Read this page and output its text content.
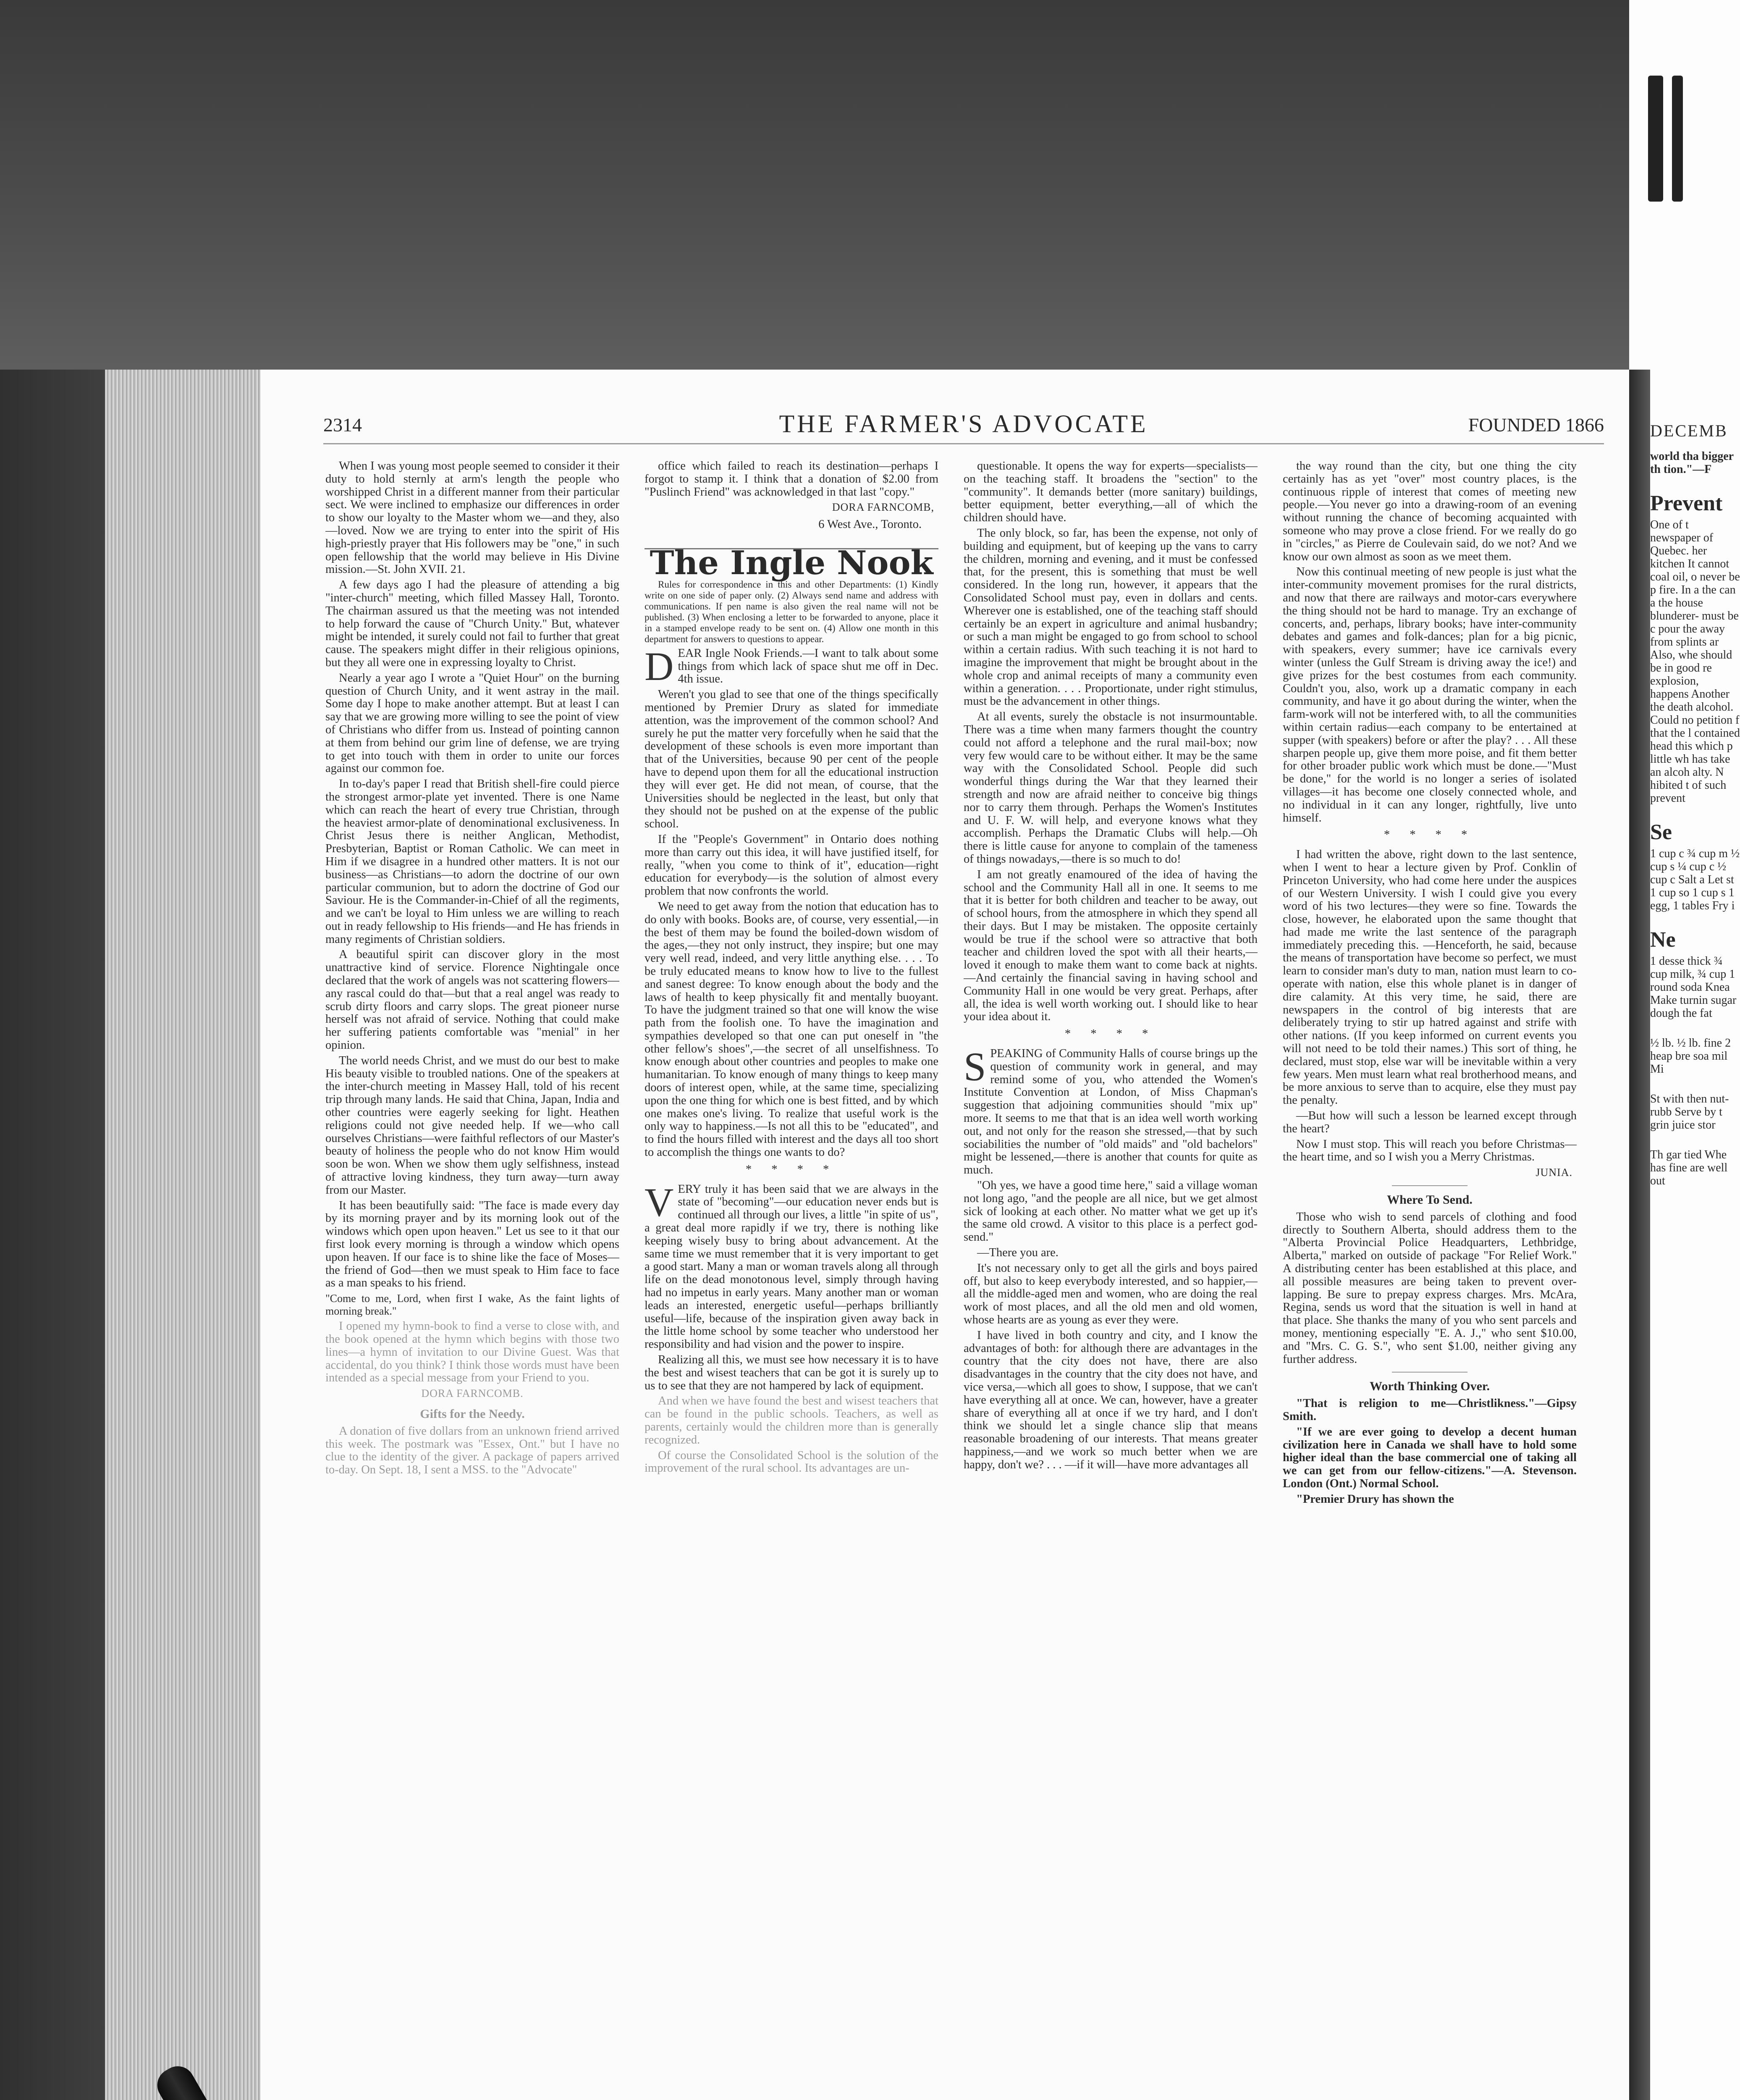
DECEMB
world tha bigger th tion."—F
Prevent
One of t newspaper of Quebec. her kitchen It cannot coal oil, o never be p fire. In a the can a the house blunderer- must be c pour the away from splints ar Also, whe should be in good re explosion, happens Another the death alcohol. Could no petition f that the l contained head this which p little wh has take an alcoh alty. N hibited t of such prevent
Se
1 cup c ¾ cup m ½ cup s ¼ cup c ½ cup c Salt a Let st 1 cup so 1 cup s 1 egg, 1 tables Fry i
Ne
1 desse thick ¾ cup milk, ¾ cup 1 round soda Knea Make turnin sugar dough the fat
½ lb. ½ lb. fine 2 heap bre soa mil Mi
St with then nut- rubb Serve by t grin juice stor
Th gar tied Whe has fine are well out
2314	THE FARMER'S ADVOCATE	FOUNDED 1866

When I was young most people seemed to consider it their duty to hold sternly at arm's length the people who worshipped Christ in a different manner from their particular sect. We were inclined to emphasize our differences in order to show our loyalty to the Master whom we—and they, also—loved. Now we are trying to enter into the spirit of His high-priestly prayer that His followers may be "one," in such open fellowship that the world may believe in His Divine mission.—St. John XVII. 21.

A few days ago I had the pleasure of attending a big "inter-church" meeting, which filled Massey Hall, Toronto. The chairman assured us that the meeting was not intended to help forward the cause of "Church Unity." But, whatever might be intended, it surely could not fail to further that great cause. The speakers might differ in their religious opinions, but they all were one in expressing loyalty to Christ.

Nearly a year ago I wrote a "Quiet Hour" on the burning question of Church Unity, and it went astray in the mail. Some day I hope to make another attempt. But at least I can say that we are growing more willing to see the point of view of Christians who differ from us. Instead of pointing cannon at them from behind our grim line of defense, we are trying to get into touch with them in order to unite our forces against our common foe.

In to-day's paper I read that British shell-fire could pierce the strongest armor-plate yet invented. There is one Name which can reach the heart of every true Christian, through the heaviest armor-plate of denominational exclusiveness. In Christ Jesus there is neither Anglican, Methodist, Presbyterian, Baptist or Roman Catholic. We can meet in Him if we disagree in a hundred other matters. It is not our business—as Christians—to adorn the doctrine of our own particular communion, but to adorn the doctrine of God our Saviour. He is the Commander-in-Chief of all the regiments, and we can't be loyal to Him unless we are willing to reach out in ready fellowship to His friends—and He has friends in many regiments of Christian soldiers.

A beautiful spirit can discover glory in the most unattractive kind of service. Florence Nightingale once declared that the work of angels was not scattering flowers—any rascal could do that—but that a real angel was ready to scrub dirty floors and carry slops. The great pioneer nurse herself was not afraid of service. Nothing that could make her suffering patients comfortable was "menial" in her opinion.

The world needs Christ, and we must do our best to make His beauty visible to troubled nations. One of the speakers at the inter-church meeting in Massey Hall, told of his recent trip through many lands. He said that China, Japan, India and other countries were eagerly seeking for light. Heathen religions could not give needed help. If we—who call ourselves Christians—were faithful reflectors of our Master's beauty of holiness the people who do not know Him would soon be won. When we show them ugly selfishness, instead of attractive loving kindness, they turn away—turn away from our Master.

It has been beautifully said: "The face is made every day by its morning prayer and by its morning look out of the windows which open upon heaven." Let us see to it that our first look every morning is through a window which opens upon heaven. If our face is to shine like the face of Moses—the friend of God—then we must speak to Him face to face as a man speaks to his friend.

"Come to me, Lord, when first I wake, As the faint lights of morning break."

I opened my hymn-book to find a verse to close with, and the book opened at the hymn which begins with those two lines—a hymn of invitation to our Divine Guest. Was that accidental, do you think? I think those words must have been intended as a special message from your Friend to you.

DORA FARNCOMB.
Gifts for the Needy.

A donation of five dollars from an unknown friend arrived this week. The postmark was "Essex, Ont." but I have no clue to the identity of the giver. A package of papers arrived to-day. On Sept. 18, I sent a MSS. to the "Advocate"

office which failed to reach its destination—perhaps I forgot to stamp it. I think that a donation of $2.00 from "Puslinch Friend" was acknowledged in that last "copy."

DORA FARNCOMB,
6 West Ave., Toronto.
The Ingle Nook

Rules for correspondence in this and other Departments: (1) Kindly write on one side of paper only. (2) Always send name and address with communications. If pen name is also given the real name will not be published. (3) When enclosing a letter to be forwarded to anyone, place it in a stamped envelope ready to be sent on. (4) Allow one month in this department for answers to questions to appear.

DEAR Ingle Nook Friends.—I want to talk about some things from which lack of space shut me off in Dec. 4th issue.

Weren't you glad to see that one of the things specifically mentioned by Premier Drury as slated for immediate attention, was the improvement of the common school? And surely he put the matter very forcefully when he said that the development of these schools is even more important than that of the Universities, because 90 per cent of the people have to depend upon them for all the educational instruction they will ever get. He did not mean, of course, that the Universities should be neglected in the least, but only that they should not be pushed on at the expense of the public school.

If the "People's Government" in Ontario does nothing more than carry out this idea, it will have justified itself, for really, "when you come to think of it", education—right education for everybody—is the solution of almost every problem that now confronts the world.

We need to get away from the notion that education has to do only with books. Books are, of course, very essential,—in the best of them may be found the boiled-down wisdom of the ages,—they not only instruct, they inspire; but one may very well read, indeed, and very little anything else. . . . To be truly educated means to know how to live to the fullest and sanest degree: To know enough about the body and the laws of health to keep physically fit and mentally buoyant. To have the judgment trained so that one will know the wise path from the foolish one. To have the imagination and sympathies developed so that one can put oneself in "the other fellow's shoes",—the secret of all unselfishness. To know enough about other countries and peoples to make one humanitarian. To know enough of many things to keep many doors of interest open, while, at the same time, specializing upon the one thing for which one is best fitted, and by which one makes one's living. To realize that useful work is the only way to happiness.—Is not all this to be "educated", and to find the hours filled with interest and the days all too short to accomplish the things one wants to do?

* * * *

VERY truly it has been said that we are always in the state of "becoming"—our education never ends but is continued all through our lives, a little "in spite of us", a great deal more rapidly if we try, there is nothing like keeping wisely busy to bring about advancement. At the same time we must remember that it is very important to get a good start. Many a man or woman travels along all through life on the dead monotonous level, simply through having had no impetus in early years. Many another man or woman leads an interested, energetic useful—perhaps brilliantly useful—life, because of the inspiration given away back in the little home school by some teacher who understood her responsibility and had vision and the power to inspire.

Realizing all this, we must see how necessary it is to have the best and wisest teachers that can be got it is surely up to us to see that they are not hampered by lack of equipment.

And when we have found the best and wisest teachers that can be found in the public schools. Teachers, as well as parents, certainly would the children more than is generally recognized.

Of course the Consolidated School is the solution of the improvement of the rural school. Its advantages are un-

questionable. It opens the way for experts—specialists—on the teaching staff. It broadens the "section" to the "community". It demands better (more sanitary) buildings, better equipment, better everything,—all of which the children should have.

The only block, so far, has been the expense, not only of building and equipment, but of keeping up the vans to carry the children, morning and evening, and it must be confessed that, for the present, this is something that must be well considered. In the long run, however, it appears that the Consolidated School must pay, even in dollars and cents. Wherever one is established, one of the teaching staff should certainly be an expert in agriculture and animal husbandry; or such a man might be engaged to go from school to school within a certain radius. With such teaching it is not hard to imagine the improvement that might be brought about in the whole crop and animal receipts of many a community even within a generation. . . . Proportionate, under right stimulus, must be the advancement in other things.

At all events, surely the obstacle is not insurmountable. There was a time when many farmers thought the country could not afford a telephone and the rural mail-box; now very few would care to be without either. It may be the same way with the Consolidated School. People did such wonderful things during the War that they learned their strength and now are afraid neither to conceive big things nor to carry them through. Perhaps the Women's Institutes and U. F. W. will help, and everyone knows what they accomplish. Perhaps the Dramatic Clubs will help.—Oh there is little cause for anyone to complain of the tameness of things nowadays,—there is so much to do!

I am not greatly enamoured of the idea of having the school and the Community Hall all in one. It seems to me that it is better for both children and teacher to be away, out of school hours, from the atmosphere in which they spend all their days. But I may be mistaken. The opposite certainly would be true if the school were so attractive that both teacher and children loved the spot with all their hearts,—loved it enough to make them want to come back at nights.—And certainly the financial saving in having school and Community Hall in one would be very great. Perhaps, after all, the idea is well worth working out. I should like to hear your idea about it.

* * * *

SPEAKING of Community Halls of course brings up the question of community work in general, and may remind some of you, who attended the Women's Institute Convention at London, of Miss Chapman's suggestion that adjoining communities should "mix up" more. It seems to me that that is an idea well worth working out, and not only for the reason she stressed,—that by such sociabilities the number of "old maids" and "old bachelors" might be lessened,—there is another that counts for quite as much.

"Oh yes, we have a good time here," said a village woman not long ago, "and the people are all nice, but we get almost sick of looking at each other. No matter what we get up it's the same old crowd. A visitor to this place is a perfect god-send."

—There you are.

It's not necessary only to get all the girls and boys paired off, but also to keep everybody interested, and so happier,—all the middle-aged men and women, who are doing the real work of most places, and all the old men and old women, whose hearts are as young as ever they were.

I have lived in both country and city, and I know the advantages of both: for although there are advantages in the country that the city does not have, there are also disadvantages in the country that the city does not have, and vice versa,—which all goes to show, I suppose, that we can't have everything all at once. We can, however, have a greater share of everything all at once if we try hard, and I don't think we should let a single chance slip that means reasonable broadening of our interests. That means greater happiness,—and we work so much better when we are happy, don't we? . . . —if it will—have more advantages all

the way round than the city, but one thing the city certainly has as yet "over" most country places, is the continuous ripple of interest that comes of meeting new people.—You never go into a drawing-room of an evening without running the chance of becoming acquainted with someone who may prove a close friend. For we really do go in "circles," as Pierre de Coulevain said, do we not? And we know our own almost as soon as we meet them.

Now this continual meeting of new people is just what the inter-community movement promises for the rural districts, and now that there are railways and motor-cars everywhere the thing should not be hard to manage. Try an exchange of concerts, and, perhaps, library books; have inter-community debates and games and folk-dances; plan for a big picnic, with speakers, every summer; have ice carnivals every winter (unless the Gulf Stream is driving away the ice!) and give prizes for the best costumes from each community. Couldn't you, also, work up a dramatic company in each community, and have it go about during the winter, when the farm-work will not be interfered with, to all the communities within certain radius—each company to be entertained at supper (with speakers) before or after the play? . . . All these sharpen people up, give them more poise, and fit them better for other broader public work which must be done.—"Must be done," for the world is no longer a series of isolated villages—it has become one closely connected whole, and no individual in it can any longer, rightfully, live unto himself.

* * * *

I had written the above, right down to the last sentence, when I went to hear a lecture given by Prof. Conklin of Princeton University, who had come here under the auspices of our Western University. I wish I could give you every word of his two lectures—they were so fine. Towards the close, however, he elaborated upon the same thought that had made me write the last sentence of the paragraph immediately preceding this. —Henceforth, he said, because the means of transportation have become so perfect, we must learn to consider man's duty to man, nation must learn to co-operate with nation, else this whole planet is in danger of dire calamity. At this very time, he said, there are newspapers in the control of big interests that are deliberately trying to stir up hatred against and strife with other nations. (If you keep informed on current events you will not need to be told their names.) This sort of thing, he declared, must stop, else war will be inevitable within a very few years. Men must learn what real brotherhood means, and be more anxious to serve than to acquire, else they must pay the penalty.

—But how will such a lesson be learned except through the heart?

Now I must stop. This will reach you before Christmas—the heart time, and so I wish you a Merry Christmas.

JUNIA.
Where To Send.

Those who wish to send parcels of clothing and food directly to Southern Alberta, should address them to the "Alberta Provincial Police Headquarters, Lethbridge, Alberta," marked on outside of package "For Relief Work." A distributing center has been established at this place, and all possible measures are being taken to prevent over-lapping. Be sure to prepay express charges. Mrs. McAra, Regina, sends us word that the situation is well in hand at that place. She thanks the many of you who sent parcels and money, mentioning especially "E. A. J.," who sent $10.00, and "Mrs. C. G. S.", who sent $1.00, neither giving any further address.

Worth Thinking Over.

"That is religion to me—Christlikness."—Gipsy Smith.

"If we are ever going to develop a decent human civilization here in Canada we shall have to hold some higher ideal than the base commercial one of taking all we can get from our fellow-citizens."—A. Stevenson. London (Ont.) Normal School.

"Premier Drury has shown the
